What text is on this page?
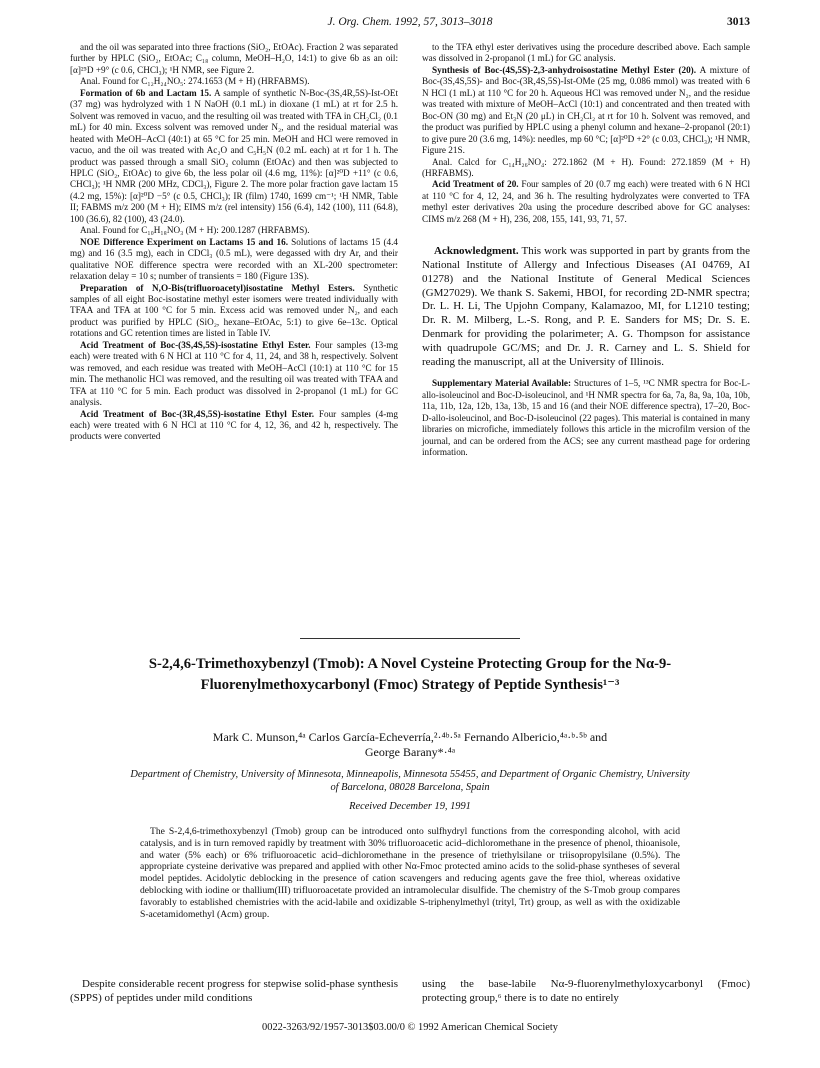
J. Org. Chem. 1992, 57, 3013–3018	3013

and the oil was separated into three fractions (SiO₂, EtOAc). Fraction 2 was separated further by HPLC (SiO₂, EtOAc; C₁₈ column, MeOH–H₂O, 14:1) to give 6b as an oil: [α]²⁵D +9° (c 0.6, CHCl₃); ¹H NMR, see Figure 2.

Anal. Found for C₁₂H₂₄NO₅: 274.1653 (M + H) (HRFABMS).

Formation of 6b and Lactam 15. A sample of synthetic N-Boc-(3S,4R,5S)-Ist-OEt (37 mg) was hydrolyzed with 1 N NaOH (0.1 mL) in dioxane (1 mL) at rt for 2.5 h. Solvent was removed in vacuo, and the resulting oil was treated with TFA in CH₂Cl₂ (0.1 mL) for 40 min. Excess solvent was removed under N₂, and the residual material was heated with MeOH–AcCl (40:1) at 65 °C for 25 min. MeOH and HCl were removed in vacuo, and the oil was treated with Ac₂O and C₅H₅N (0.2 mL each) at rt for 1 h. The product was passed through a small SiO₂ column (EtOAc) and then was subjected to HPLC (SiO₂, EtOAc) to give 6b, the less polar oil (4.6 mg, 11%): [α]²⁰D +11° (c 0.6, CHCl₃); ¹H NMR (200 MHz, CDCl₃), Figure 2. The more polar fraction gave lactam 15 (4.2 mg, 15%): [α]²⁰D −5° (c 0.5, CHCl₃); IR (film) 1740, 1699 cm⁻¹; ¹H NMR, Table II; FABMS m/z 200 (M + H); EIMS m/z (rel intensity) 156 (6.4), 142 (100), 111 (64.8), 100 (36.6), 82 (100), 43 (24.0).

Anal. Found for C₁₀H₁₈NO₃ (M + H): 200.1287 (HRFABMS).

NOE Difference Experiment on Lactams 15 and 16. Solutions of lactams 15 (4.4 mg) and 16 (3.5 mg), each in CDCl₃ (0.5 mL), were degassed with dry Ar, and their qualitative NOE difference spectra were recorded with an XL-200 spectrometer: relaxation delay = 10 s; number of transients = 180 (Figure 13S).

Preparation of N,O-Bis(trifluoroacetyl)isostatine Methyl Esters. Synthetic samples of all eight Boc-isostatine methyl ester isomers were treated individually with TFAA and TFA at 100 °C for 5 min. Excess acid was removed under N₂, and each product was purified by HPLC (SiO₂, hexane–EtOAc, 5:1) to give 6e–13c. Optical rotations and GC retention times are listed in Table IV.

Acid Treatment of Boc-(3S,4S,5S)-isostatine Ethyl Ester. Four samples (13-mg each) were treated with 6 N HCl at 110 °C for 4, 11, 24, and 38 h, respectively. Solvent was removed, and each residue was treated with MeOH–AcCl (10:1) at 110 °C for 15 min. The methanolic HCl was removed, and the resulting oil was treated with TFAA and TFA at 110 °C for 5 min. Each product was dissolved in 2-propanol (1 mL) for GC analysis.

Acid Treatment of Boc-(3R,4S,5S)-isostatine Ethyl Ester. Four samples (4-mg each) were treated with 6 N HCl at 110 °C for 4, 12, 36, and 42 h, respectively. The products were converted

to the TFA ethyl ester derivatives using the procedure described above. Each sample was dissolved in 2-propanol (1 mL) for GC analysis.

Synthesis of Boc-(4S,5S)-2,3-anhydroisostatine Methyl Ester (20). A mixture of Boc-(3S,4S,5S)- and Boc-(3R,4S,5S)-Ist-OMe (25 mg, 0.086 mmol) was treated with 6 N HCl (1 mL) at 110 °C for 20 h. Aqueous HCl was removed under N₂, and the residue was treated with mixture of MeOH–AcCl (10:1) and concentrated and then treated with Boc-ON (30 mg) and Et₃N (20 μL) in CH₂Cl₂ at rt for 10 h. Solvent was removed, and the product was purified by HPLC using a phenyl column and hexane–2-propanol (20:1) to give pure 20 (3.6 mg, 14%): needles, mp 60 °C; [α]²⁰D +2° (c 0.03, CHCl₃); ¹H NMR, Figure 21S.

Anal. Calcd for C₁₄H₂₆NO₄: 272.1862 (M + H). Found: 272.1859 (M + H) (HRFABMS).

Acid Treatment of 20. Four samples of 20 (0.7 mg each) were treated with 6 N HCl at 110 °C for 4, 12, 24, and 36 h. The resulting hydrolyzates were converted to TFA methyl ester derivatives 20a using the procedure described above for GC analyses: CIMS m/z 268 (M + H), 236, 208, 155, 141, 93, 71, 57.

Acknowledgment. This work was supported in part by grants from the National Institute of Allergy and Infectious Diseases (AI 04769, AI 01278) and the National Institute of General Medical Sciences (GM27029). We thank S. Sakemi, HBOI, for recording 2D-NMR spectra; Dr. L. H. Li, The Upjohn Company, Kalamazoo, MI, for L1210 testing; Dr. R. M. Milberg, L.-S. Rong, and P. E. Sanders for MS; Dr. S. E. Denmark for providing the polarimeter; A. G. Thompson for assistance with quadrupole GC/MS; and Dr. J. R. Carney and L. S. Shield for reading the manuscript, all at the University of Illinois.

Supplementary Material Available: Structures of 1–5, ¹³C NMR spectra for Boc-L-allo-isoleucinol and Boc-D-isoleucinol, and ¹H NMR spectra for 6a, 7a, 8a, 9a, 10a, 10b, 11a, 11b, 12a, 12b, 13a, 13b, 15 and 16 (and their NOE difference spectra), 17–20, Boc-D-allo-isoleucinol, and Boc-D-isoleucinol (22 pages). This material is contained in many libraries on microfiche, immediately follows this article in the microfilm version of the journal, and can be ordered from the ACS; see any current masthead page for ordering information.

S-2,4,6-Trimethoxybenzyl (Tmob): A Novel Cysteine Protecting Group for the Nα-9-Fluorenylmethoxycarbonyl (Fmoc) Strategy of Peptide Synthesis¹⁻³
Mark C. Munson,⁴ᵃ Carlos García-Echeverría,²·⁴ᵇ·⁵ᵃ Fernando Albericio,⁴ᵃ·ᵇ·⁵ᵇ and
George Barany*·⁴ᵃ
Department of Chemistry, University of Minnesota, Minneapolis, Minnesota 55455, and Department of Organic Chemistry, University of Barcelona, 08028 Barcelona, Spain
Received December 19, 1991
The S-2,4,6-trimethoxybenzyl (Tmob) group can be introduced onto sulfhydryl functions from the corresponding alcohol, with acid catalysis, and is in turn removed rapidly by treatment with 30% trifluoroacetic acid–dichloromethane in the presence of phenol, thioanisole, and water (5% each) or 6% trifluoroacetic acid–dichloromethane in the presence of triethylsilane or triisopropylsilane (0.5%). The appropriate cysteine derivative was prepared and applied with other Nα-Fmoc protected amino acids to the solid-phase syntheses of several model peptides. Acidolytic deblocking in the presence of cation scavengers and reducing agents gave the free thiol, whereas oxidative deblocking with iodine or thallium(III) trifluoroacetate provided an intramolecular disulfide. The chemistry of the S-Tmob group compares favorably to established chemistries with the acid-labile and oxidizable S-triphenylmethyl (trityl, Trt) group, as well as with the oxidizable S-acetamidomethyl (Acm) group.

Despite considerable recent progress for stepwise solid-phase synthesis (SPPS) of peptides under mild conditions

using the base-labile Nα-9-fluorenylmethyloxycarbonyl (Fmoc) protecting group,⁶ there is to date no entirely

0022-3263/92/1957-3013$03.00/0 © 1992 American Chemical Society
